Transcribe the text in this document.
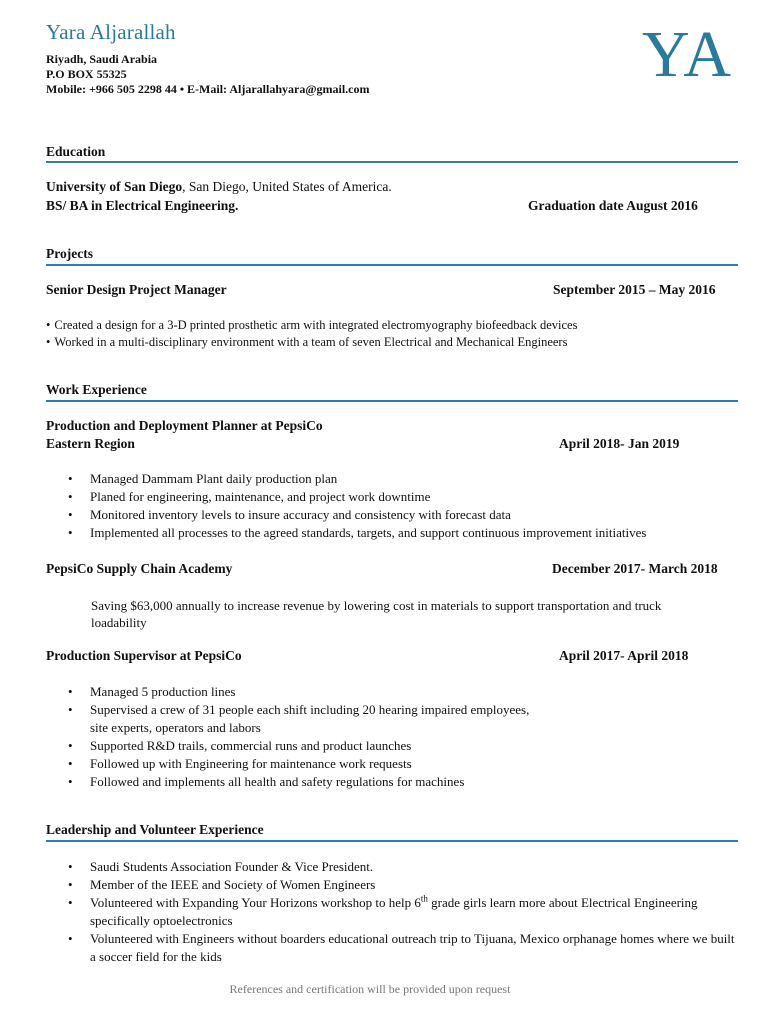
Yara Aljarallah
Riyadh, Saudi Arabia
P.O BOX 55325
Mobile: +966 505 2298 44 • E-Mail: Aljarallahyara@gmail.com	YA
Education
University of San Diego, San Diego, United States of America.
BS/ BA in Electrical Engineering.	Graduation date August 2016
Projects
Senior Design Project Manager	September 2015 – May 2016
• Created a design for a 3-D printed prosthetic arm with integrated electromyography biofeedback devices
• Worked in a multi-disciplinary environment with a team of seven Electrical and Mechanical Engineers
Work Experience
Production and Deployment Planner at PepsiCo
Eastern Region	April 2018- Jan 2019
• Managed Dammam Plant daily production plan
• Planed for engineering, maintenance, and project work downtime
• Monitored inventory levels to insure accuracy and consistency with forecast data
• Implemented all processes to the agreed standards, targets, and support continuous improvement initiatives
PepsiCo Supply Chain Academy	December 2017- March 2018
Saving $63,000 annually to increase revenue by lowering cost in materials to support transportation and truck loadability
Production Supervisor at PepsiCo	April 2017- April 2018
• Managed 5 production lines
• Supervised a crew of 31 people each shift including 20 hearing impaired employees,
site experts, operators and labors
• Supported R&D trails, commercial runs and product launches
• Followed up with Engineering for maintenance work requests
• Followed and implements all health and safety regulations for machines
Leadership and Volunteer Experience
• Saudi Students Association Founder & Vice President.
• Member of the IEEE and Society of Women Engineers
• Volunteered with Expanding Your Horizons workshop to help 6th grade girls learn more about Electrical Engineering specifically optoelectronics
• Volunteered with Engineers without boarders educational outreach trip to Tijuana, Mexico orphanage homes where we built a soccer field for the kids
References and certification will be provided upon request
